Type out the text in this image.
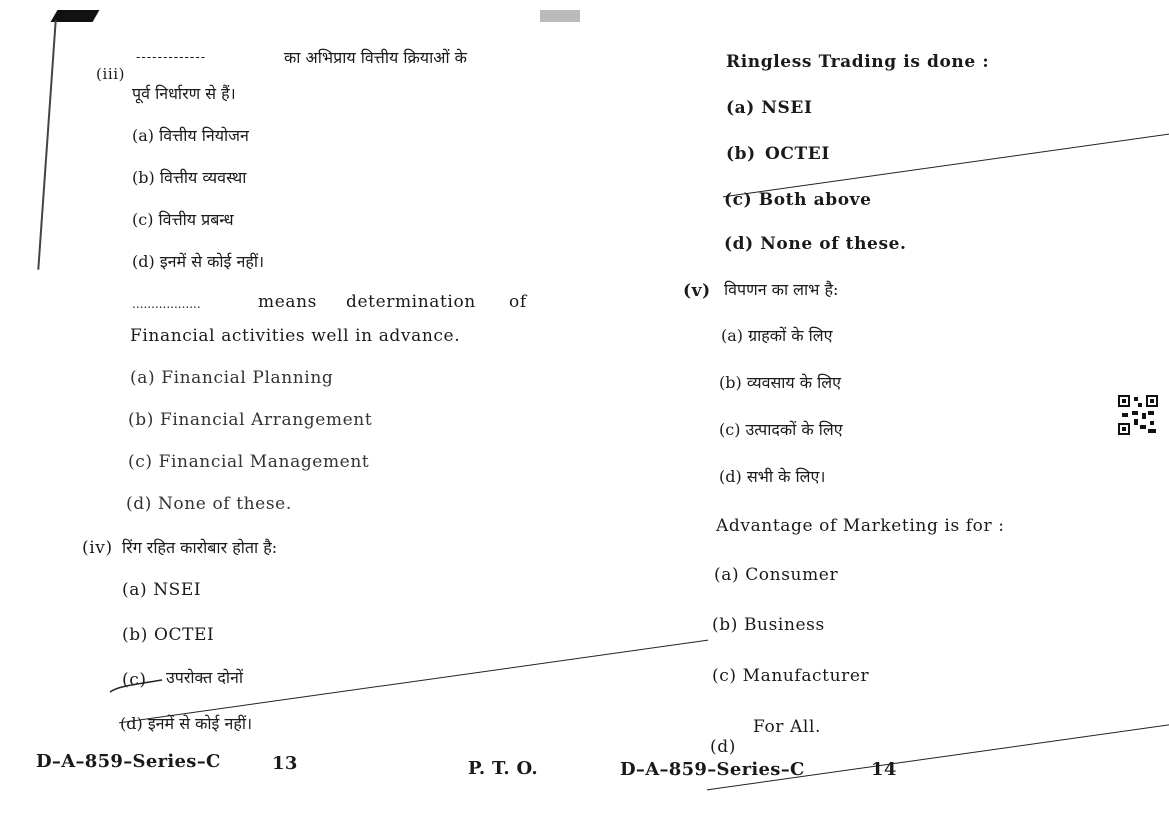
(iii)
-------------	का अभिप्राय वित्तीय क्रियाओं के
पूर्व निर्धारण से हैं।
(a) वित्तीय नियोजन
(b) वित्तीय व्यवस्था
(c) वित्तीय प्रबन्ध
(d) इनमें से कोई नहीं।
..................	means determination of
Financial activities well in advance.
(a) Financial Planning
(b) Financial Arrangement
(c) Financial Management
(d) None of these.
(iv) रिंग रहित कारोबार होता है:
(a) NSEI
(b) OCTEI
(c)	उपरोक्त दोनों
(d) इनमें से कोई नहीं।
D–A–859–Series–C	13	P. T. O.
Ringless Trading is done :
(a) NSEI
(b) OCTEI
(c) Both above
(d) None of these.
(v) विपणन का लाभ है:
(a) ग्राहकों के लिए
(b) व्यवसाय के लिए
(c) उत्पादकों के लिए
(d) सभी के लिए।
Advantage of Marketing is for :
(a) Consumer
(b) Business
(c) Manufacturer
(d)
For All.
D–A–859–Series–C	14
